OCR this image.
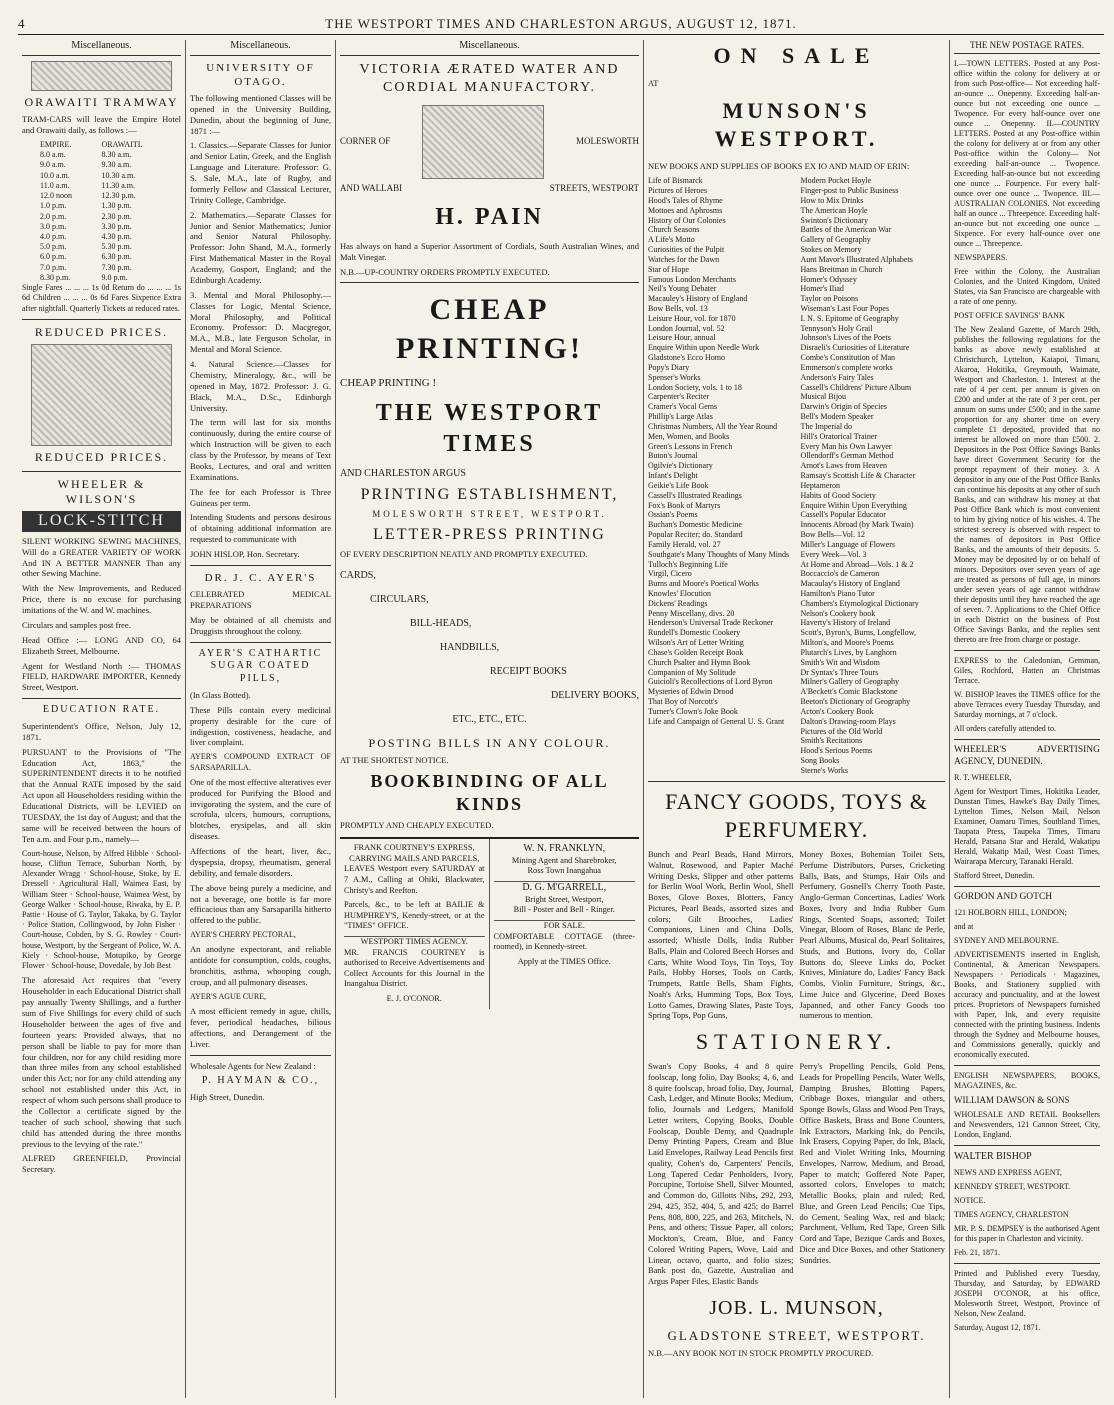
4	THE WESTPORT TIMES AND CHARLESTON ARGUS, AUGUST 12, 1871.
Miscellaneous.
ORAWAITI TRAMWAY
TRAM-CARS will leave the Empire Hotel and Orawaiti daily, as follows :—
EMPIRE.	ORAWAITI.
8.0 a.m.	8.30 a.m.
9.0 a.m.	9.30 a.m.
10.0 a.m.	10.30 a.m.
11.0 a.m.	11.30 a.m.
12.0 noon	12.30 p.m.
1.0 p.m.	1.30 p.m.
2.0 p.m.	2.30 p.m.
3.0 p.m.	3.30 p.m.
4.0 p.m.	4.30 p.m.
5.0 p.m.	5.30 p.m.
6.0 p.m.	6.30 p.m.
7.0 p.m.	7.30 p.m.
8.30 p.m.	9.0 p.m.
Single Fares ... ... ... 1s 0d Return do ... ... ... 1s 6d Children ... ... ... 0s 6d Fares Sixpence Extra after nightfall. Quarterly Tickets at reduced rates.
REDUCED PRICES.
REDUCED PRICES.
WHEELER & WILSON'S
LOCK-STITCH
SILENT WORKING SEWING MACHINES, Will do a GREATER VARIETY OF WORK And IN A BETTER MANNER Than any other Sewing Machine.
With the New Improvements, and Reduced Price, there is no excuse for purchasing imitations of the W. and W. machines.
Circulars and samples post free.
Head Office :— LONG AND CO, 64 Elizabeth Street, Melbourne.
Agent for Westland North :— THOMAS FIELD, HARDWARE IMPORTER, Kennedy Street, Westport.
EDUCATION RATE.
Superintendent's Office, Nelson, July 12, 1871.
PURSUANT to the Provisions of "The Education Act, 1863," the SUPERINTENDENT directs it to be notified that the Annual RATE imposed by the said Act upon all Householders residing within the Educational Districts, will be LEVIED on TUESDAY, the 1st day of August; and that the same will be received between the hours of Ten a.m. and Four p.m., namely—
Court-house, Nelson, by Alfred Hibble · School-house, Clifton Terrace, Suburban North, by Alexander Wragg · School-house, Stoke, by E. Dressell · Agricultural Hall, Waimea East, by William Steer · School-house, Waimea West, by George Walker · School-house, Riwaka, by E. P. Pattie · House of G. Taylor, Takaka, by G. Taylor · Police Station, Collingwood, by John Fisher · Court-house, Cobden, by S. G. Rowley · Court-house, Westport, by the Sergeant of Police, W. A. Kiely · School-house, Motupiko, by George Flower · School-house, Dovedale, by Job Best
The aforesaid Act requires that "every Householder in each Educational District shall pay annually Twenty Shillings, and a further sum of Five Shillings for every child of such Householder between the ages of five and fourteen years: Provided always, that no person shall be liable to pay for more than four children, nor for any child residing more than three miles from any school established under this Act; nor for any child attending any school not established under this Act, in respect of whom such persons shall produce to the Collector a certificate signed by the teacher of such school, showing that such child has attended during the three months previous to the levying of the rate."
ALFRED GREENFIELD, Provincial Secretary.
Miscellaneous.
UNIVERSITY OF OTAGO.
The following mentioned Classes will be opened in the University Building, Dunedin, about the beginning of June, 1871 :—
1. Classics.—Separate Classes for Junior and Senior Latin, Greek, and the English Language and Literature. Professor: G. S. Sale, M.A., late of Rugby, and formerly Fellow and Classical Lecturer, Trinity College, Cambridge.
2. Mathematics.—Separate Classes for Junior and Senior Mathematics; Junior and Senior Natural Philosophy. Professor: John Shand, M.A., formerly First Mathematical Master in the Royal Academy, Gosport, England; and the Edinburgh Academy.
3. Mental and Moral Philosophy.—Classes for Logic, Mental Science, Moral Philosophy, and Political Economy. Professor: D. Macgregor, M.A., M.B., late Ferguson Scholar, in Mental and Moral Science.
4. Natural Science.—Classes for Chemistry, Mineralogy, &c., will be opened in May, 1872. Professor: J. G. Black, M.A., D.Sc., Edinburgh University.
The term will last for six months continuously, during the entire course of which Instruction will be given to each class by the Professor, by means of Text Books, Lectures, and oral and written Examinations.
The fee for each Professor is Three Guineas per term.
Intending Students and persons desirous of obtaining additional information are requested to communicate with
JOHN HISLOP, Hon. Secretary.
DR. J. C. AYER'S
CELEBRATED MEDICAL PREPARATIONS
May be obtained of all chemists and Druggists throughout the colony.
AYER'S CATHARTIC SUGAR COATED PILLS,
(In Glass Botted).
These Pills contain every medicinal property desirable for the cure of indigestion, costiveness, headache, and liver complaint.
AYER'S COMPOUND EXTRACT OF SARSAPARILLA.
One of the most effective alteratives ever produced for Purifying the Blood and invigorating the system, and the cure of scrofula, ulcers, humours, corruptions, blotches, erysipelas, and all skin diseases.
Affections of the heart, liver, &c., dyspepsia, dropsy, rheumatism, general debility, and female disorders.
The above being purely a medicine, and not a beverage, one bottle is far more efficacious than any Sarsaparilla hitherto offered to the public.
AYER'S CHERRY PECTORAL,
An anodyne expectorant, and reliable antidote for consumption, colds, coughs, bronchitis, asthma, whooping cough, croup, and all pulmonary diseases.
AYER'S AGUE CURE,
A most efficient remedy in ague, chills, fever, periodical headaches, bilious affections, and Derangement of the Liver.
Wholesale Agents for New Zealand :
P. HAYMAN & CO.,
High Street, Dunedin.
Miscellaneous.
VICTORIA ÆRATED WATER AND CORDIAL MANUFACTORY.
CORNER OF	MOLESWORTH
AND WALLABI	STREETS, WESTPORT
H. PAIN
Has always on hand a Superior Assortment of Cordials, South Australian Wines, and Malt Vinegar.
N.B.—UP-COUNTRY ORDERS PROMPTLY EXECUTED.
CHEAP PRINTING!
CHEAP PRINTING !
THE WESTPORT TIMES
AND CHARLESTON ARGUS
PRINTING ESTABLISHMENT,
MOLESWORTH STREET, WESTPORT.
LETTER-PRESS PRINTING
OF EVERY DESCRIPTION NEATLY AND PROMPTLY EXECUTED.
CARDS,
CIRCULARS,
BILL-HEADS,
HANDBILLS,
RECEIPT BOOKS
DELIVERY BOOKS,
ETC., ETC., ETC.
POSTING BILLS IN ANY COLOUR.
AT THE SHORTEST NOTICE.
BOOKBINDING OF ALL KINDS
PROMPTLY AND CHEAPLY EXECUTED.
FRANK COURTNEY'S EXPRESS,
CARRYING MAILS AND PARCELS,
LEAVES Westport every SATURDAY at 7 A.M., Calling at Ohiki, Blackwater, Christy's and Reefton.
Parcels, &c., to be left at BAILIE & HUMPHREY'S, Kenedy-street, or at the "TIMES" OFFICE.
WESTPORT TIMES AGENCY.
MR. FRANCIS COURTNEY is authorised to Receive Advertisements and Collect Accounts for this Journal in the Inangahua District.
E. J. O'CONOR.
W. N. FRANKLYN,
Mining Agent and Sharebroker,
Ross Town Inangahua
D. G. M'GARRELL,
Bright Street, Westport,
Bill - Poster and Bell - Ringer.
FOR SALE.
COMFORTABLE COTTAGE (three-roomed), in Kennedy-street.
Apply at the TIMES Office.
ON SALE
AT
MUNSON'S WESTPORT.
NEW BOOKS AND SUPPLIES OF BOOKS EX IO AND MAID OF ERIN:
Life of Bismarck
Pictures of Heroes
Hood's Tales of Rhyme
Mottoes and Aphrosms
History of Our Colonies
Church Seasons
A Life's Motto
Curiosities of the Pulpit
Watches for the Dawn
Star of Hope
Famous London Merchants
Neil's Young Debater
Macauley's History of England
Bow Bells, vol. 13
Leisure Hour, vol. for 1870
London Journal, vol. 52
Leisure Hour, annual
Enquire Within upon Needle Work
Gladstone's Ecco Homo
Popy's Diary
Spenser's Works
London Society, vols. 1 to 18
Carpenter's Reciter
Cramer's Vocal Gems
Phillip's Large Atlas
Christmas Numbers, All the Year Round
Men, Women, and Books
Green's Lessons in French
Buton's Journal
Ogilvie's Dictionary
Infant's Delight
Geikie's Life Book
Cassell's Illustrated Readings
Fox's Book of Martyrs
Ossian's Poems
Buchan's Domestic Medicine
Popular Reciter; do. Standard
Family Herald, vol. 27
Southgate's Many Thoughts of Many Minds
Tulloch's Beginning Life
Virgil, Cicero
Burns and Moore's Poetical Works
Knowles' Elocution
Dickens' Readings
Penny Miscellany, divs. 20
Henderson's Universal Trade Reckoner
Rundell's Domestic Cookery
Wilson's Art of Letter Writing
Chase's Golden Receipt Book
Church Psalter and Hymn Book
Companion of My Solitude
Guicioli's Recollections of Lord Byron
Mysteries of Edwin Drood
That Boy of Norcott's
Turner's Clown's Joke Book
Life and Campaign of General U. S. Grant
Modern Pocket Hoyle
Finger-post to Public Business
How to Mix Drinks
The American Hoyle
Swinton's Dictionary
Battles of the American War
Gallery of Geography
Stokes on Memory
Aunt Mavor's Illustrated Alphabets
Hans Breitman in Church
Homer's Odyssey
Homer's Iliad
Taylor on Poisons
Wiseman's Last Four Popes
I. N. S. Epitome of Geography
Tennyson's Holy Grail
Johnson's Lives of the Poets
Disraeli's Curiosities of Literature
Combe's Constitution of Man
Emmerson's complete works
Anderson's Fairy Tales
Cassell's Childrens' Picture Album
Musical Bijou
Darwin's Origin of Species
Bell's Modern Speaker
The Imperial do
Hill's Oratorical Trainer
Every Man his Own Lawyer
Ollendorff's German Method
Arnot's Laws from Heaven
Ramsay's Scottish Life & Character
Heptameron
Habits of Good Society
Enquire Within Upon Everything
Cassell's Popular Educator
Innocents Abroad (by Mark Twain)
Bow Bells—Vol. 12
Miller's Language of Flowers
Every Week—Vol. 3
At Home and Abroad—Vols. 1 & 2
Boccaccio's de Cameron
Macaulay's History of England
Hamilton's Piano Tutor
Chambers's Etymological Dictionary
Nelson's Cookery book
Haverty's History of Ireland
Scott's, Byron's, Burns, Longfellow, Milton's, and Moore's Poems
Plutarch's Lives, by Langhorn
Smith's Wit and Wisdom
Dr Syntax's Three Tours
Milner's Gallery of Geography
A'Beckett's Comic Blackstone
Beeton's Dictionary of Geography
Acton's Cookery Book
Dalton's Drawing-room Plays
Pictures of the Old World
Smith's Recitations
Hood's Serious Poems
Song Books
Sterne's Works
FANCY GOODS, TOYS & PERFUMERY.
Bunch and Pearl Beads, Hand Mirrors, Walnut, Rosewood, and Papier Maché Writing Desks, Slipper and other patterns for Berlin Wool Work, Berlin Wool, Shell Boxes, Glove Boxes, Blotters, Fancy Pictures, Pearl Beads, assorted sizes and colors; Gilt Brooches, Ladies' Companions, Linen and China Dolls, assorted; Whistle Dolls, India Rubber Balls, Plain and Colored Beech Horses and Carts, White Wood Toys, Tin Toys, Toy Pails, Hobby Horses, Tools on Cards, Trumpets, Rattle Bells, Sham Fights, Noah's Arks, Humming Tops, Box Toys, Lotto Games, Drawing Slates, Paste Toys, Spring Tops, Pop Guns,
Money Boxes, Bohemian Toilet Sets, Perfume Distributors, Purses, Cricketing Balls, Bats, and Stumps, Hair Oils and Perfumery, Gosnell's Cherry Tooth Paste, Anglo-German Concertinas, Ladies' Work Boxes, Ivory and India Rubber Gum Rings, Scented Soaps, assorted; Toilet Vinegar, Bloom of Roses, Blanc de Perle, Pearl Albums, Musical do, Pearl Solitaires, Studs, and Buttons, Ivory do, Collar Buttons do, Sleeve Links do, Pocket Knives, Miniature do, Ladies' Fancy Back Combs, Violin Furniture, Strings, &c., Lime Juice and Glycerine, Deed Boxes Japanned, and other Fancy Goods too numerous to mention.
STATIONERY.
Swan's Copy Books, 4 and 8 quire foolscap, long folio, Day Books; 4, 6, and 8 quire foolscap, broad folio, Day, Journal, Cash, Ledger, and Minute Books; Medium, folio, Journals and Ledgers, Manifold Letter writers, Copying Books, Double Foolscap, Double Demy, and Quadruple Demy Printing Papers, Cream and Blue Laid Envelopes, Railway Lead Pencils first quality, Cohen's do, Carpenters' Pencils, Long Tapered Cedar Penholders, Ivory, Porcupine, Tortoise Shell, Silver Mounted, and Common do, Gillotts Nibs, 292, 293, 294, 425, 352, 404, 5, and 425; do Barrel Pens, 808, 800, 225, and 263, Mitchels, N. Pens, and others; Tissue Paper, all colors; Mockton's, Cream, Blue, and Fancy Colored Writing Papers, Wove, Laid and Linear, octavo, quarto, and folio sizes; Bank post do, Gazette, Australian and Argus Paper Files, Elastic Bands
Perry's Propelling Pencils, Gold Pens, Leads for Propelling Pencils, Water Wells, Damping Brushes, Blotting Papers, Cribbage Boxes, triangular and others, Sponge Bowls, Glass and Wood Pen Trays, Office Baskets, Brass and Bone Counters, Ink Extractors, Marking Ink, do Pencils, Ink Erasers, Copying Paper, do Ink, Black, Red and Violet Writing Inks, Mourning Envelopes, Narrow, Medium, and Broad, Paper to match; Goffered Note Paper, assorted colors, Envelopes to match; Metallic Books, plain and ruled; Red, Blue, and Green Lead Pencils; Cue Tips, do Cement, Sealing Wax, red and black; Parchment, Vellum, Red Tape, Green Silk Cord and Tape, Bezique Cards and Boxes, Dice and Dice Boxes, and other Stationery Sundries.
JOB. L. MUNSON,
GLADSTONE STREET, WESTPORT.
N.B.—ANY BOOK NOT IN STOCK PROMPTLY PROCURED.
THE NEW POSTAGE RATES.
I.—TOWN LETTERS. Posted at any Post-office within the colony for delivery at or from such Post-office— Not exceeding half-an-ounce ... Onepenny. Exceeding half-an-ounce but not exceeding one ounce ... Twopence. For every half-ounce over one ounce ... Onepenny. II.—COUNTRY LETTERS. Posted at any Post-office within the colony for delivery at or from any other Post-office within the Colony— Not exceeding half-an-ounce ... Twopence. Exceeding half-an-ounce but not exceeding one ounce ... Fourpence. For every half-ounce over one ounce ... Twopence. III.—AUSTRALIAN COLONIES. Not exceeding half an ounce ... Threepence. Exceeding half-an-ounce but not exceeding one ounce ... Sixpence. For every half-ounce over one ounce ... Threepence.
NEWSPAPERS.
Free within the Colony, the Australian Colonies, and the United Kingdom, United States, via San Francisco are chargeable with a rate of one penny.
POST OFFICE SAVINGS' BANK
The New Zealand Gazette, of March 29th, publishes the following regulations for the banks as above newly established at Christchurch, Lyttelton, Kaiapoi, Timaru, Akaroa, Hokitika, Greymouth, Waimate, Westport and Charleston. 1. Interest at the rate of 4 per cent. per annum is given on £200 and under at the rate of 3 per cent. per annum on sums under £500; and in the same proportion for any shorter time on every complete £1 deposited, provided that no interest be allowed on more than £500. 2. Depositors in the Post Office Savings Banks have direct Government Security for the prompt repayment of their money. 3. A depositor in any one of the Post Office Banks can continue his deposits at any other of such Banks, and can withdraw his money at that Post Office Bank which is most convenient to him by giving notice of his wishes. 4. The strictest secrecy is observed with respect to the names of depositors in Post Office Banks, and the amounts of their deposits. 5. Money may be deposited by or on behalf of minors. Depositors over seven years of age are treated as persons of full age, in minors under seven years of age cannot withdraw their deposits until they have reached the age of seven. 7. Applications to the Chief Office in each District on the business of Post Office Savings Banks, and the replies sent thereto are free from charge or postage.
EXPRESS to the Caledonian, Gemman, Giles, Rochford, Hatten an Christmas Terrace.
W. BISHOP leaves the TIMES office for the above Terraces every Tuesday Thursday, and Saturday mornings, at 7 o'clock.
All orders carefully attended to.
WHEELER'S ADVERTISING AGENCY, DUNEDIN.
R. T. WHEELER,
Agent for Westport Times, Hokitika Leader, Dunstan Times, Hawke's Bay Daily Times, Lyttelton Times, Nelson Mail, Nelson Examiner, Oamaru Times, Southland Times, Taupata Press, Taupeka Times, Timaru Herald, Patsana Star and Herald, Wakatipu Herald, Wakatip Mail, West Coast Times, Wairarapa Mercury, Taranaki Herald.
Stafford Street, Dunedin.
GORDON AND GOTCH
121 HOLBORN HILL, LONDON;
and at
SYDNEY AND MELBOURNE.
ADVERTISEMENTS inserted in English, Continental, & American Newspapers. Newspapers · Periodicals · Magazines, Books, and Stationery supplied with accuracy and punctuality, and at the lowest prices. Proprietors of Newspapers furnished with Paper, Ink, and every requisite connected with the printing business. Indents through the Sydney and Melbourne houses, and Commissions generally, quickly and economically executed.
ENGLISH NEWSPAPERS, BOOKS, MAGAZINES, &c.
WILLIAM DAWSON & SONS
WHOLESALE AND RETAIL Booksellers and Newsvenders, 121 Cannon Street, City, London, England.
WALTER BISHOP
NEWS AND EXPRESS AGENT,
KENNEDY STREET, WESTPORT.
NOTICE.
TIMES AGENCY, CHARLESTON
MR. P. S. DEMPSEY is the authorised Agent for this paper in Charleston and vicinity.
Feb. 21, 1871.
Printed and Published every Tuesday, Thursday, and Saturday, by EDWARD JOSEPH O'CONOR, at his office, Molesworth Street, Westport, Province of Nelson, New Zealand.
Saturday, August 12, 1871.
